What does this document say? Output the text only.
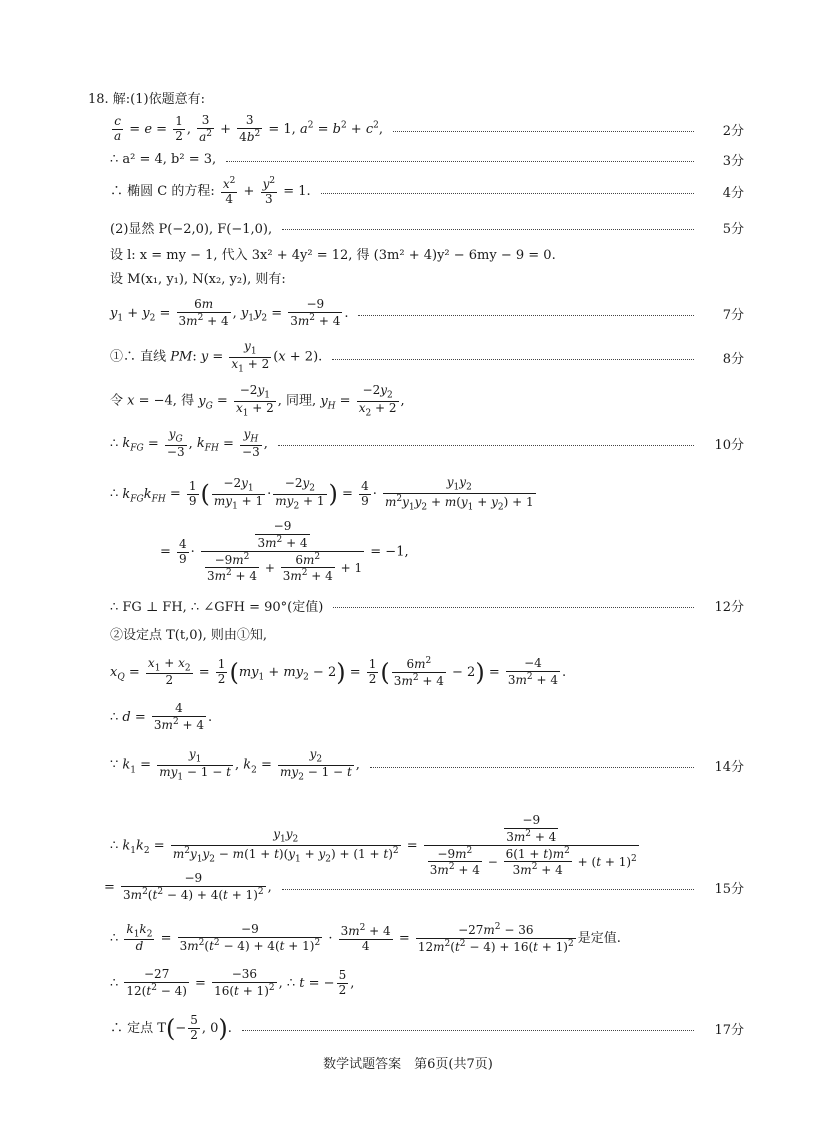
18. 解:(1)依题意有:
$\frac{c}{a} = e = \frac{1}{2}$ , $\frac{3}{a^2} + \frac{3}{4b^2} = 1$, $a^2 = b^2 + c^2$,	2分
∴ a² = 4, b² = 3,	3分
∴ 椭圆 C 的方程: $\frac{x^2}{4} + \frac{y^2}{3} = 1$.	4分
(2)显然 P(−2,0), F(−1,0),	5分
设 l: x = my − 1, 代入 3x² + 4y² = 12, 得 (3m² + 4)y² − 6my − 9 = 0.
设 M(x₁, y₁), N(x₂, y₂), 则有:
$y_1 + y_2 = \frac{6m}{3m^2 + 4}$ , $y_1y_2 = \frac{-9}{3m^2 + 4}$ .	7分
①∴ 直线 PM: $y = \frac{y_1}{x_1 + 2} (x + 2)$.	8分
令 x = −4, 得 $y_G = \frac{-2y_1}{x_1 + 2}$ , 同理, $y_H = \frac{-2y_2}{x_2 + 2}$ ,
∴ $k_{FG} = \frac{y_G}{-3}$ , $k_{FH} = \frac{y_H}{-3}$ ,	10分
∴ $k_{FG}k_{FH} = \frac{1}{9}$ ( $\frac{-2y_1}{my_1 + 1} \cdot \frac{-2y_2}{my_2 + 1}$ ) = $\frac{4}{9} \cdot \frac{y_1y_2}{m^2y_1y_2 + m(y_1 + y_2) + 1}$
= $\frac{4}{9} \cdot \frac{\frac{-9}{3m^2 + 4}}{\frac{-9m^2}{3m^2 + 4} + \frac{6m^2}{3m^2 + 4} + 1} = -1$,
∴ FG ⊥ FH, ∴ ∠GFH = 90°(定值)	12分
②设定点 T(t,0), 则由①知,
$x_Q = \frac{x_1 + x_2}{2} = \frac{1}{2} (my_1 + my_2 - 2) = \frac{1}{2}$ ( $\frac{6m^2}{3m^2 + 4} - 2) = \frac{-4}{3m^2 + 4}$ .
∴ $d = \frac{4}{3m^2 + 4}$ .
∵ $k_1 = \frac{y_1}{my_1 - 1 - t}$ , $k_2 = \frac{y_2}{my_2 - 1 - t}$ ,	14分
∴ $k_1k_2 = \frac{y_1y_2}{m^2y_1y_2 - m(1 + t)(y_1 + y_2) + (1 + t)^2} = \frac{\frac{-9}{3m^2 + 4}}{\frac{-9m^2}{3m^2 + 4} - \frac{6(1 + t)m^2}{3m^2 + 4} + (t + 1)^2}$
= $\frac{-9}{3m^2(t^2 - 4) + 4(t + 1)^2}$ ,	15分
∴ $\frac{k_1k_2}{d} = \frac{-9}{3m^2(t^2 - 4) + 4(t + 1)^2} \cdot \frac{3m^2 + 4}{4} = \frac{-27m^2 - 36}{12m^2(t^2 - 4) + 16(t + 1)^2}$ 是定值.
∴ $\frac{-27}{12(t^2 - 4)} = \frac{-36}{16(t + 1)^2}$ , ∴ t = − $\frac{5}{2}$ ,
∴ 定点 $T(- \frac{5}{2}$ , 0).	17分
数学试题答案　第6页(共7页)
